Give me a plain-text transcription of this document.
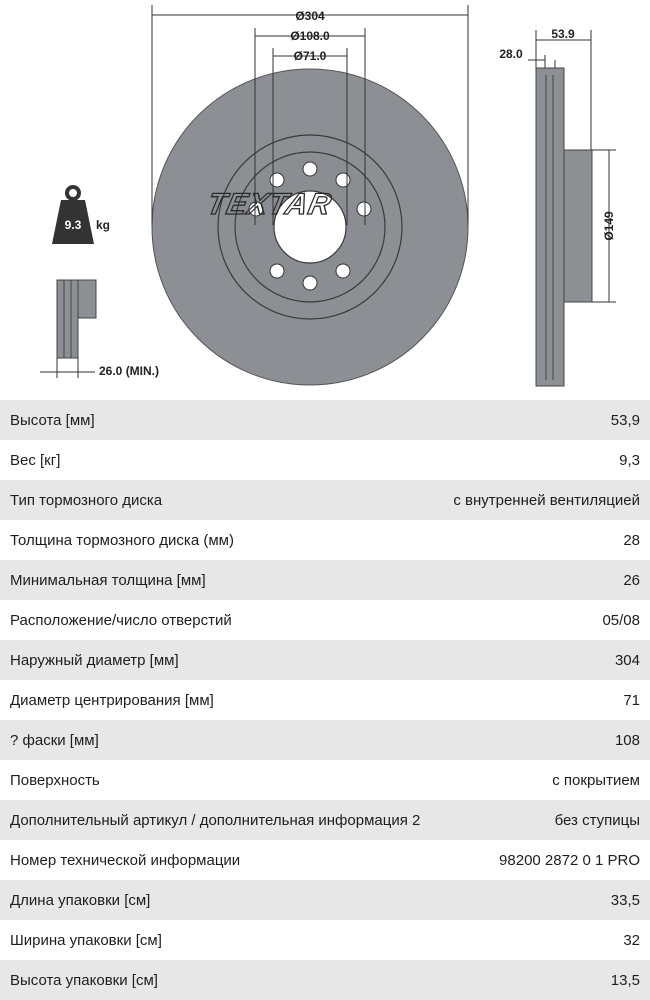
TEXTAR
Ø304
Ø108.0
Ø71.0
53.9
28.0
Ø149
9.3 kg
26.0 (MIN.)
Высота [мм]	53,9
Вес [кг]	9,3
Тип тормозного диска	с внутренней вентиляцией
Толщина тормозного диска (мм)	28
Минимальная толщина [мм]	26
Расположение/число отверстий	05/08
Наружный диаметр [мм]	304
Диаметр центрирования [мм]	71
? фаски [мм]	108
Поверхность	с покрытием
Дополнительный артикул / дополнительная информация 2	без ступицы
Номер технической информации	98200 2872 0 1 PRO
Длина упаковки [см]	33,5
Ширина упаковки [см]	32
Высота упаковки [см]	13,5
